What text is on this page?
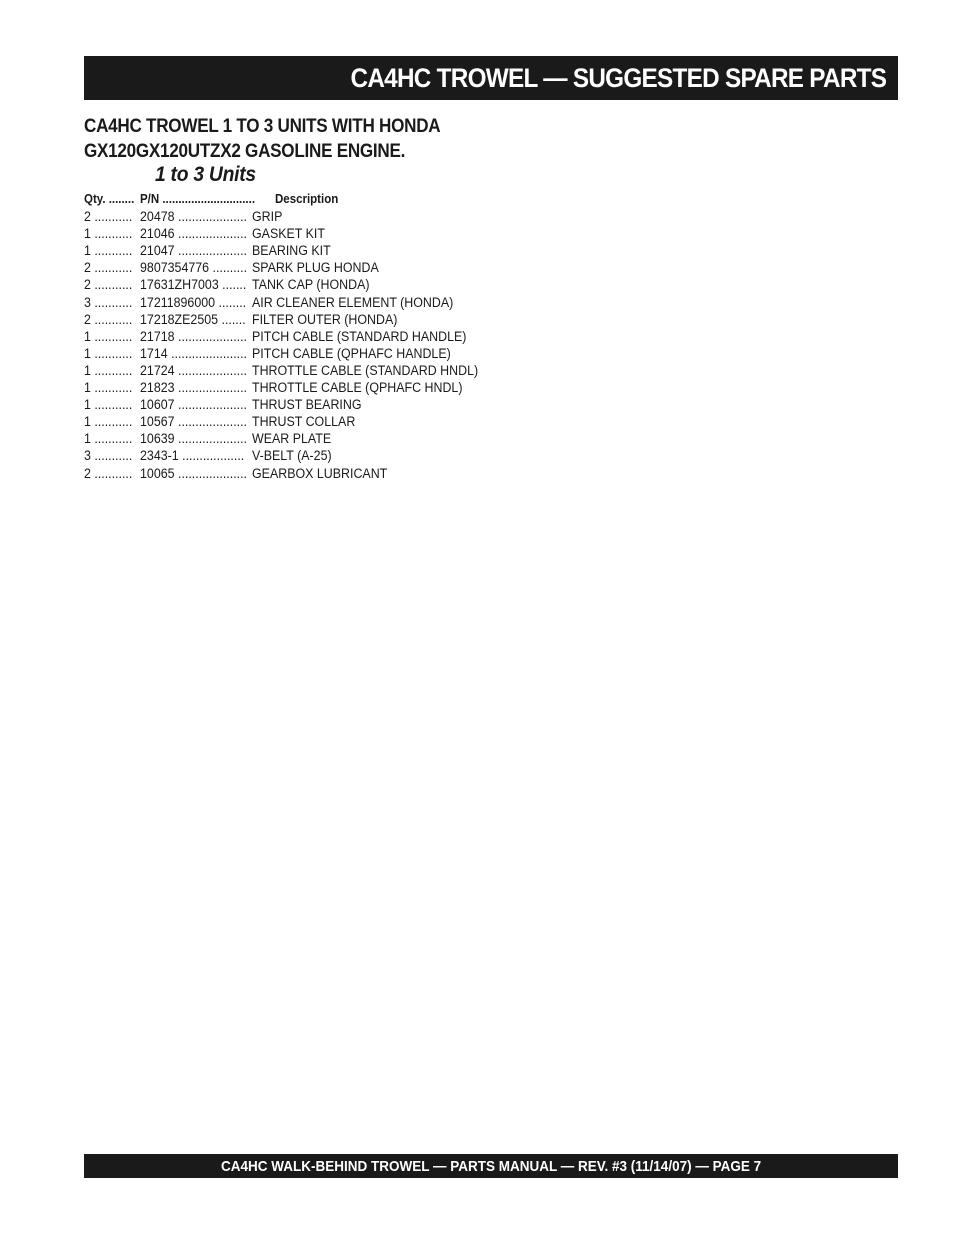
CA4HC TROWEL — SUGGESTED SPARE PARTS
CA4HC TROWEL 1 TO 3 UNITS WITH HONDA
GX120GX120UTZX2 GASOLINE ENGINE.
1 to 3 Units
Qty. ........ P/N ............................. Description
2 ........... 20478 .................... GRIP
1 ........... 21046 .................... GASKET KIT
1 ........... 21047 .................... BEARING KIT
2 ........... 9807354776 .......... SPARK PLUG HONDA
2 ........... 17631ZH7003 ....... TANK CAP (HONDA)
3 ........... 17211896000 ........ AIR CLEANER ELEMENT (HONDA)
2 ........... 17218ZE2505 ....... FILTER OUTER (HONDA)
1 ........... 21718 .................... PITCH CABLE (STANDARD HANDLE)
1 ........... 1714 ...................... PITCH CABLE (QPHAFC HANDLE)
1 ........... 21724 .................... THROTTLE CABLE (STANDARD HNDL)
1 ........... 21823 .................... THROTTLE CABLE (QPHAFC HNDL)
1 ........... 10607 .................... THRUST BEARING
1 ........... 10567 .................... THRUST COLLAR
1 ........... 10639 .................... WEAR PLATE
3 ........... 2343-1 .................. V-BELT (A-25)
2 ........... 10065 .................... GEARBOX LUBRICANT
CA4HC WALK-BEHIND TROWEL — PARTS MANUAL — REV. #3 (11/14/07) — PAGE 7
